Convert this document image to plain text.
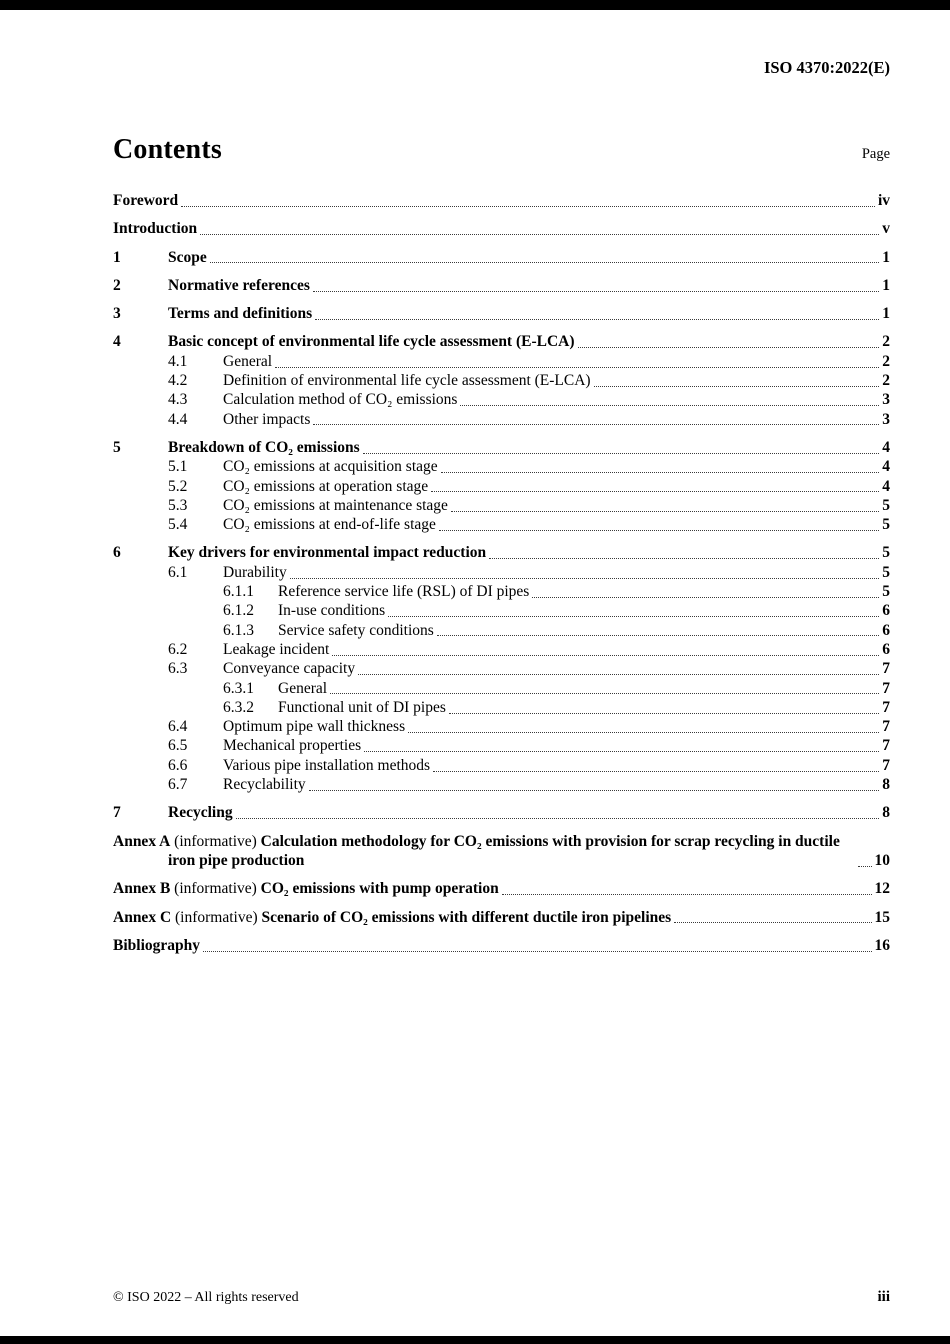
ISO 4370:2022(E)
Contents	Page
Foreword	iv
Introduction	v
1	Scope	1
2	Normative references	1
3	Terms and definitions	1
4	Basic concept of environmental life cycle assessment (E-LCA)	2
4.1	General	2
4.2	Definition of environmental life cycle assessment (E-LCA)	2
4.3	Calculation method of CO₂ emissions	3
4.4	Other impacts	3
5	Breakdown of CO₂ emissions	4
5.1	CO₂ emissions at acquisition stage	4
5.2	CO₂ emissions at operation stage	4
5.3	CO₂ emissions at maintenance stage	5
5.4	CO₂ emissions at end-of-life stage	5
6	Key drivers for environmental impact reduction	5
6.1	Durability	5
6.1.1	Reference service life (RSL) of DI pipes	5
6.1.2	In-use conditions	6
6.1.3	Service safety conditions	6
6.2	Leakage incident	6
6.3	Conveyance capacity	7
6.3.1	General	7
6.3.2	Functional unit of DI pipes	7
6.4	Optimum pipe wall thickness	7
6.5	Mechanical properties	7
6.6	Various pipe installation methods	7
6.7	Recyclability	8
7	Recycling	8
Annex A (informative) Calculation methodology for CO₂ emissions with provision for scrap recycling in ductile iron pipe production	10
Annex B (informative) CO₂ emissions with pump operation	12
Annex C (informative) Scenario of CO₂ emissions with different ductile iron pipelines	15
Bibliography	16
© ISO 2022 – All rights reserved	iii
